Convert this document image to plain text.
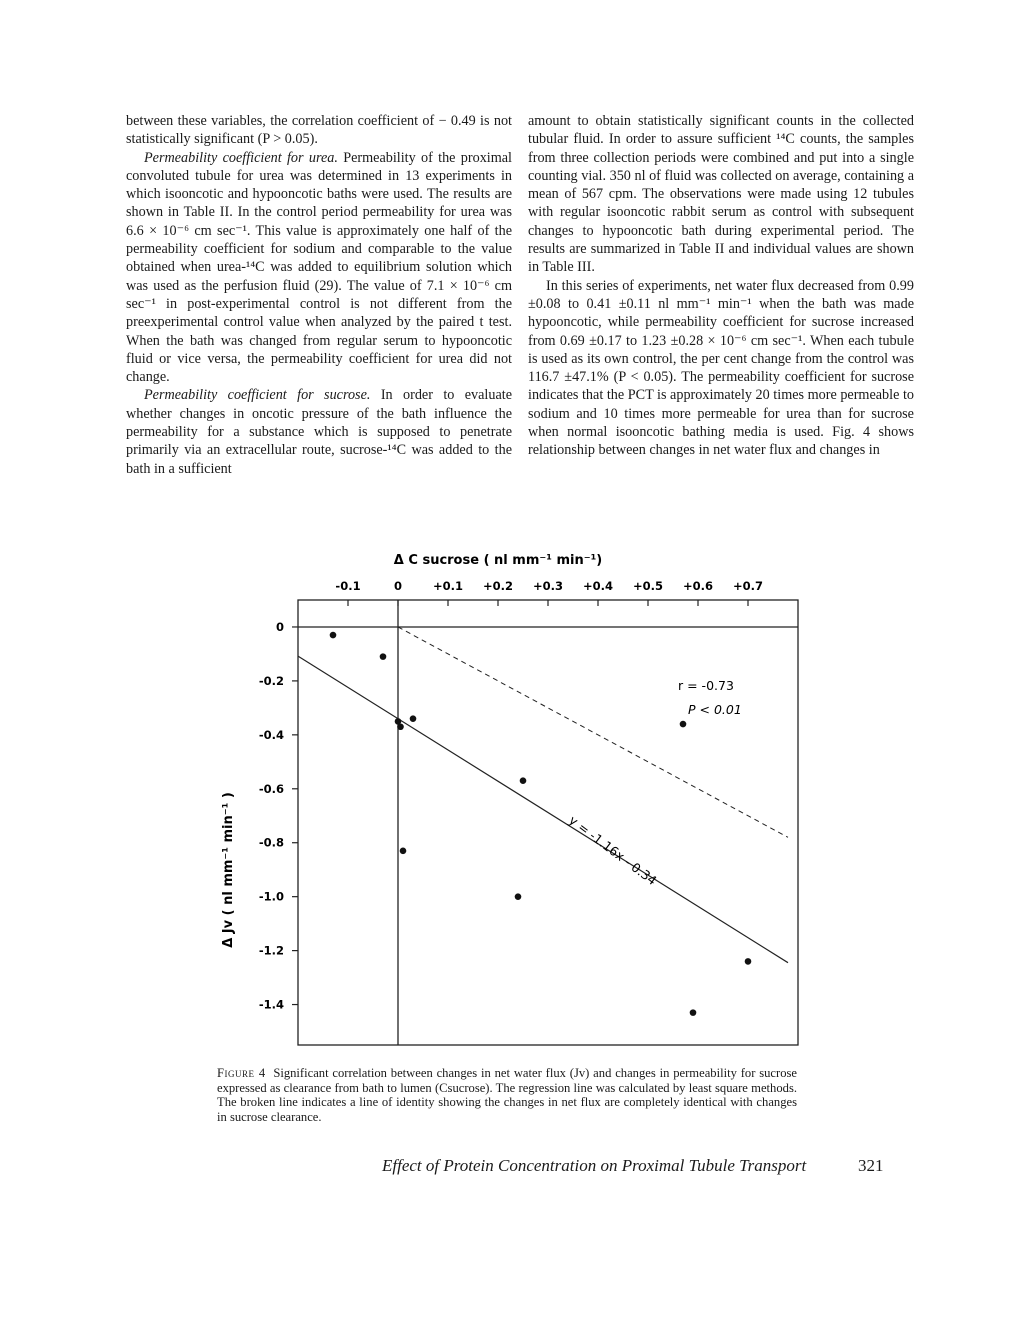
between these variables, the correlation coefficient of − 0.49 is not statistically significant (P > 0.05).

Permeability coefficient for urea. Permeability of the proximal convoluted tubule for urea was determined in 13 experiments in which isooncotic and hypooncotic baths were used. The results are shown in Table II. In the control period permeability for urea was 6.6 × 10⁻⁶ cm sec⁻¹. This value is approximately one half of the permeability coefficient for sodium and comparable to the value obtained when urea-¹⁴C was added to equilibrium solution which was used as the perfusion fluid (29). The value of 7.1 × 10⁻⁶ cm sec⁻¹ in post-experimental control is not different from the preexperimental control value when analyzed by the paired t test. When the bath was changed from regular serum to hypooncotic fluid or vice versa, the permeability coefficient for urea did not change.

Permeability coefficient for sucrose. In order to evaluate whether changes in oncotic pressure of the bath influence the permeability for a substance which is supposed to penetrate primarily via an extracellular route, sucrose-¹⁴C was added to the bath in a sufficient

amount to obtain statistically significant counts in the collected tubular fluid. In order to assure sufficient ¹⁴C counts, the samples from three collection periods were combined and put into a single counting vial. 350 nl of fluid was collected on average, containing a mean of 567 cpm. The observations were made using 12 tubules with regular isooncotic rabbit serum as control with subsequent changes to hypooncotic bath during experimental period. The results are summarized in Table II and individual values are shown in Table III.

In this series of experiments, net water flux decreased from 0.99 ±0.08 to 0.41 ±0.11 nl mm⁻¹ min⁻¹ when the bath was made hypooncotic, while permeability coefficient for sucrose increased from 0.69 ±0.17 to 1.23 ±0.28 × 10⁻⁶ cm sec⁻¹. When each tubule is used as its own control, the per cent change from the control was 116.7 ±47.1% (P < 0.05). The permeability coefficient for sucrose indicates that the PCT is approximately 20 times more permeable to sodium and 10 times more permeable for urea than for sucrose when normal isooncotic bathing media is used. Fig. 4 shows relationship between changes in net water flux and changes in

Δ C sucrose ( nl mm⁻¹ min⁻¹)
-0.1	0	+0.1 +0.2 +0.3 +0.4 +0.5 +0.6 +0.7
0
-0.2
-0.4
-0.6
-0.8
-1.0
-1.2
-1.4
r = -0.73
P < 0.01
y = -1.16x - 0.34
Δ Jv ( nl mm⁻¹ min⁻¹ )
Figure 4 Significant correlation between changes in net water flux (Jv) and changes in permeability for sucrose expressed as clearance from bath to lumen (Csucrose). The regression line was calculated by least square methods. The broken line indicates a line of identity showing the changes in net flux are completely identical with changes in sucrose clearance.
Effect of Protein Concentration on Proximal Tubule Transport	321
